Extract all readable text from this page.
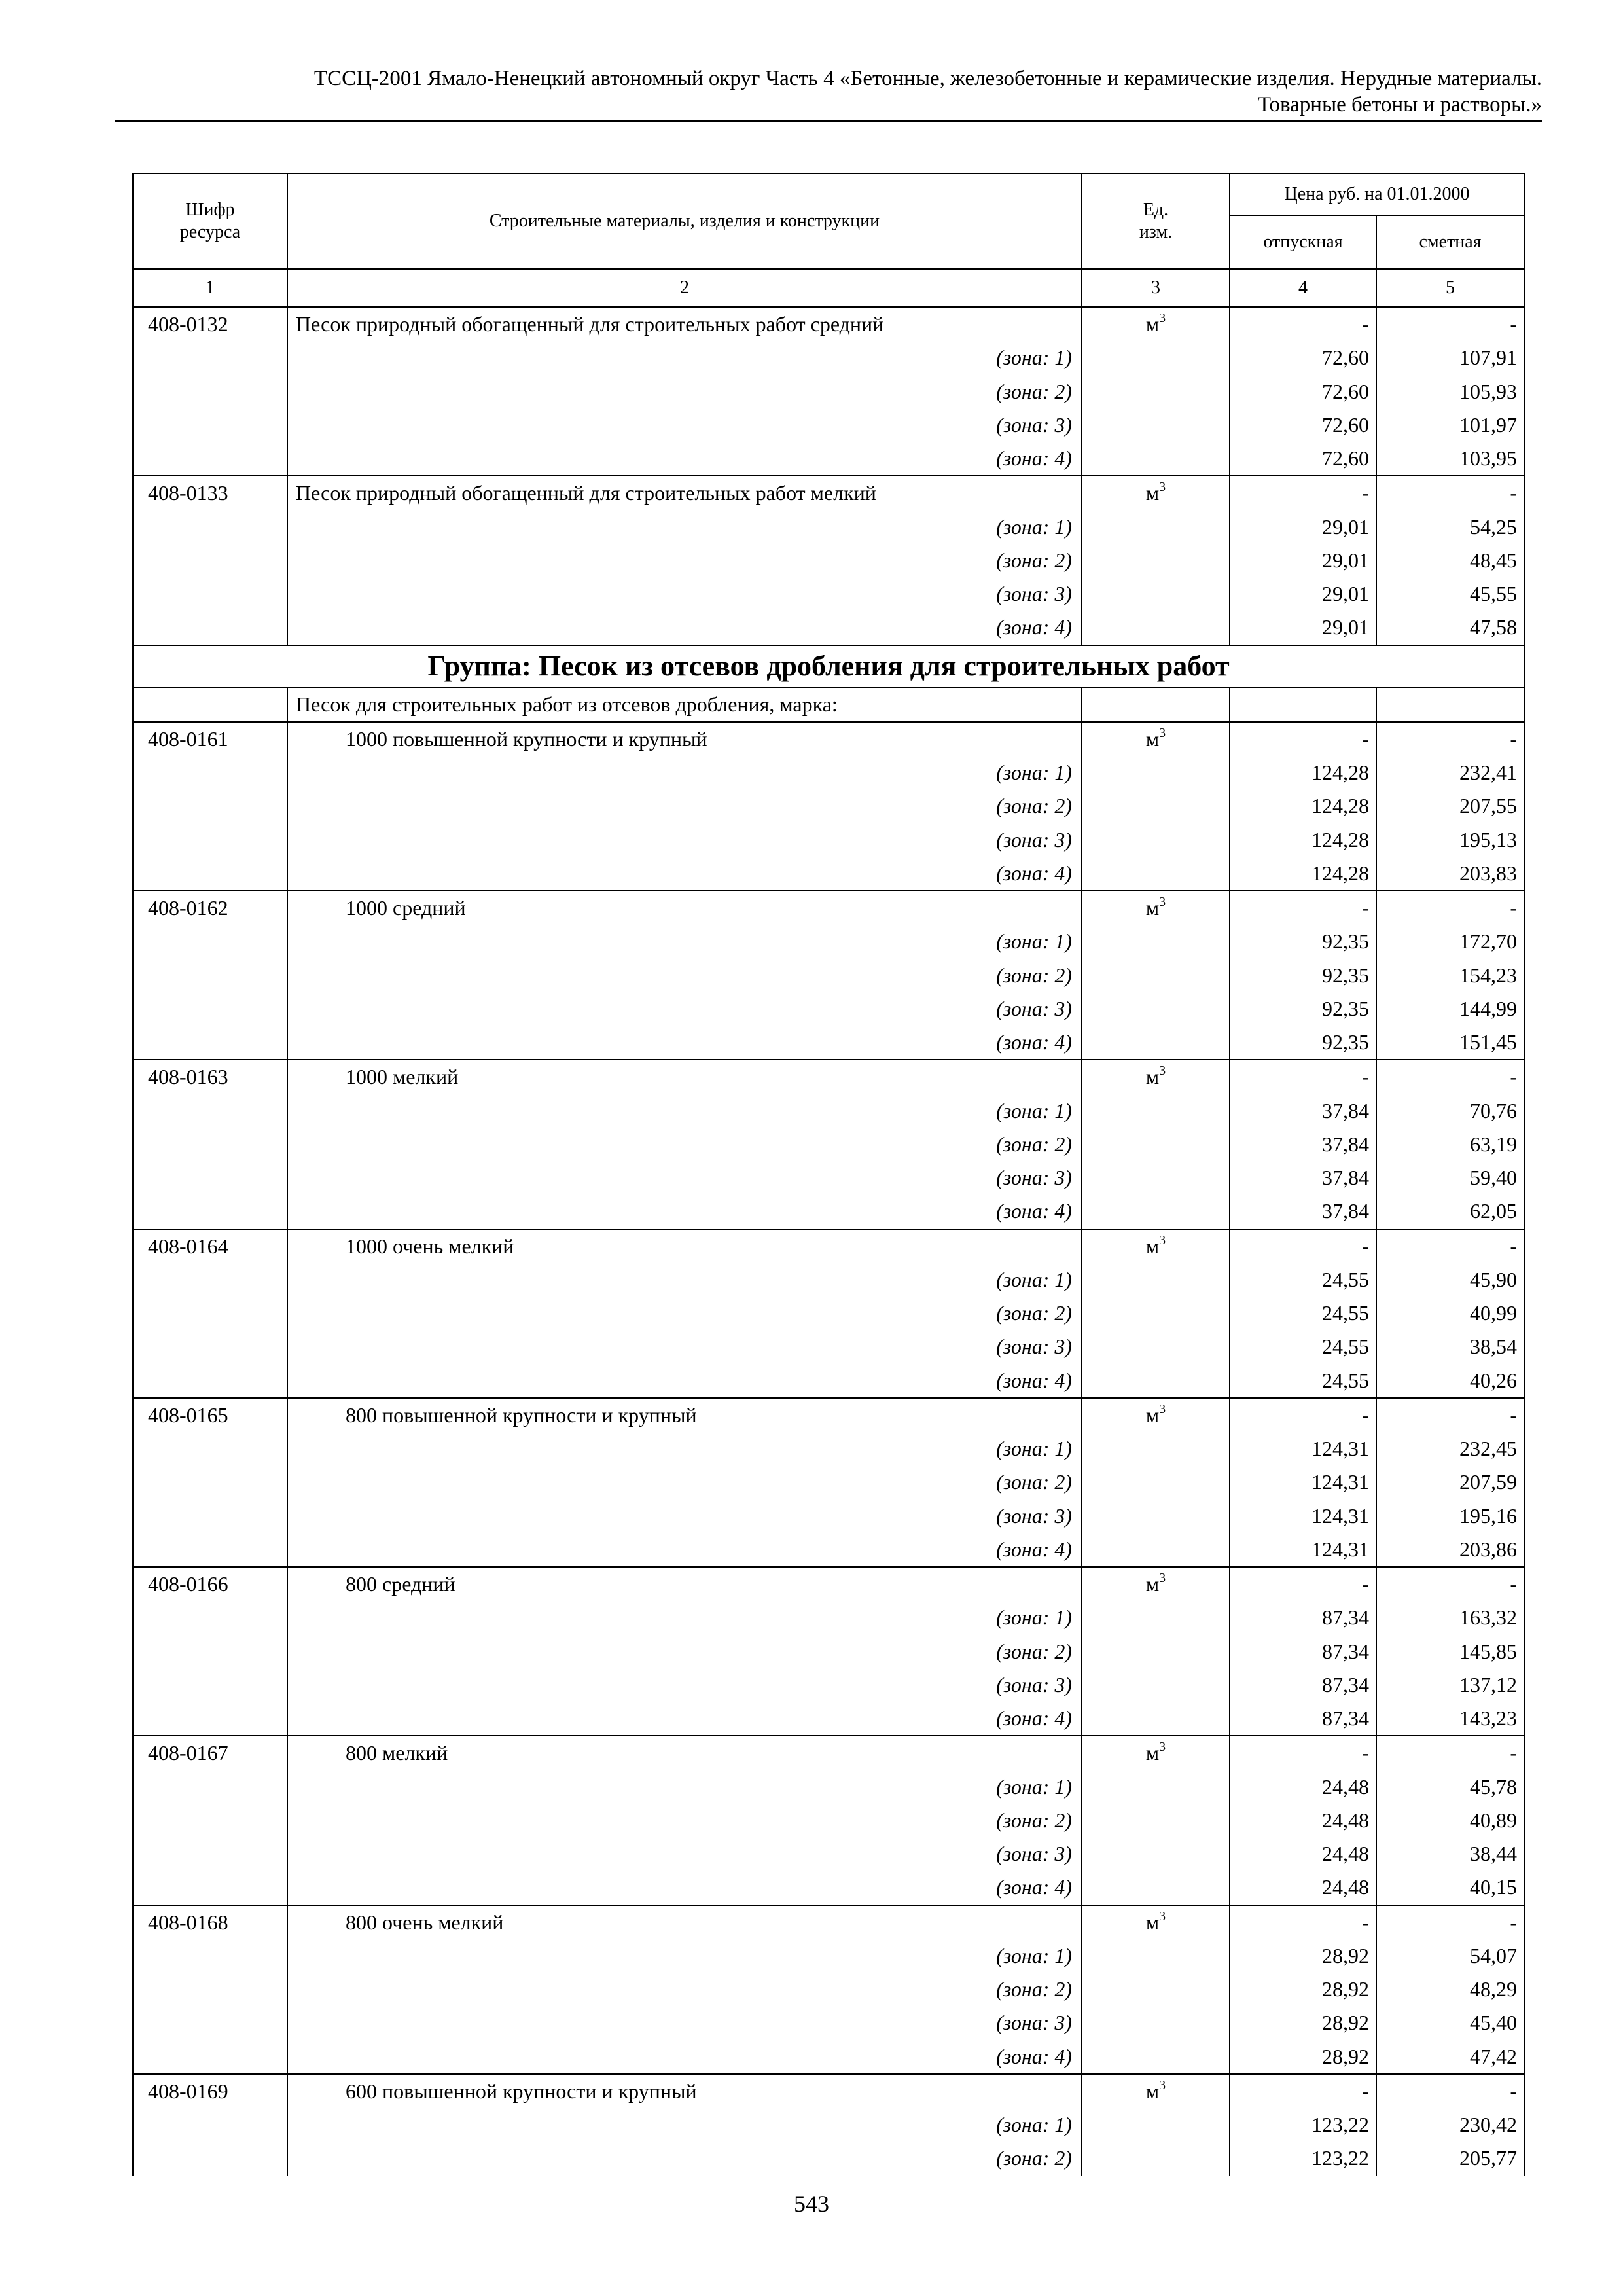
ТССЦ-2001 Ямало-Ненецкий автономный округ Часть 4 «Бетонные, железобетонные и керамические изделия. Нерудные материалы.
Товарные бетоны и растворы.»
Шифр ресурса	Строительные материалы, изделия и конструкции	Ед. изм.	Цена руб. на 01.01.2000	
			отпускная	сметная
1	2	3	4	5
408-0132	Песок природный обогащенный для строительных работ средний	$м^3$	-	-
	(зона: 1)		72,60	107,91
	(зона: 2)		72,60	105,93
	(зона: 3)		72,60	101,97
	(зона: 4)		72,60	103,95
408-0133	Песок природный обогащенный для строительных работ мелкий	$м^3$	-	-
	(зона: 1)		29,01	54,25
	(зона: 2)		29,01	48,45
	(зона: 3)		29,01	45,55
	(зона: 4)		29,01	47,58
Группа: Песок из отсевов дробления для строительных работ				
	Песок для строительных работ из отсевов дробления, марка:			
408-0161	1000 повышенной крупности и крупный	$м^3$	-	-
	(зона: 1)		124,28	232,41
	(зона: 2)		124,28	207,55
	(зона: 3)		124,28	195,13
	(зона: 4)		124,28	203,83
408-0162	1000 средний	$м^3$	-	-
	(зона: 1)		92,35	172,70
	(зона: 2)		92,35	154,23
	(зона: 3)		92,35	144,99
	(зона: 4)		92,35	151,45
408-0163	1000 мелкий	$м^3$	-	-
	(зона: 1)		37,84	70,76
	(зона: 2)		37,84	63,19
	(зона: 3)		37,84	59,40
	(зона: 4)		37,84	62,05
408-0164	1000 очень мелкий	$м^3$	-	-
	(зона: 1)		24,55	45,90
	(зона: 2)		24,55	40,99
	(зона: 3)		24,55	38,54
	(зона: 4)		24,55	40,26
408-0165	800 повышенной крупности и крупный	$м^3$	-	-
	(зона: 1)		124,31	232,45
	(зона: 2)		124,31	207,59
	(зона: 3)		124,31	195,16
	(зона: 4)		124,31	203,86
408-0166	800 средний	$м^3$	-	-
	(зона: 1)		87,34	163,32
	(зона: 2)		87,34	145,85
	(зона: 3)		87,34	137,12
	(зона: 4)		87,34	143,23
408-0167	800 мелкий	$м^3$	-	-
	(зона: 1)		24,48	45,78
	(зона: 2)		24,48	40,89
	(зона: 3)		24,48	38,44
	(зона: 4)		24,48	40,15
408-0168	800 очень мелкий	$м^3$	-	-
	(зона: 1)		28,92	54,07
	(зона: 2)		28,92	48,29
	(зона: 3)		28,92	45,40
	(зона: 4)		28,92	47,42
408-0169	600 повышенной крупности и крупный	$м^3$	-	-
	(зона: 1)		123,22	230,42
	(зона: 2)		123,22	205,77
543
